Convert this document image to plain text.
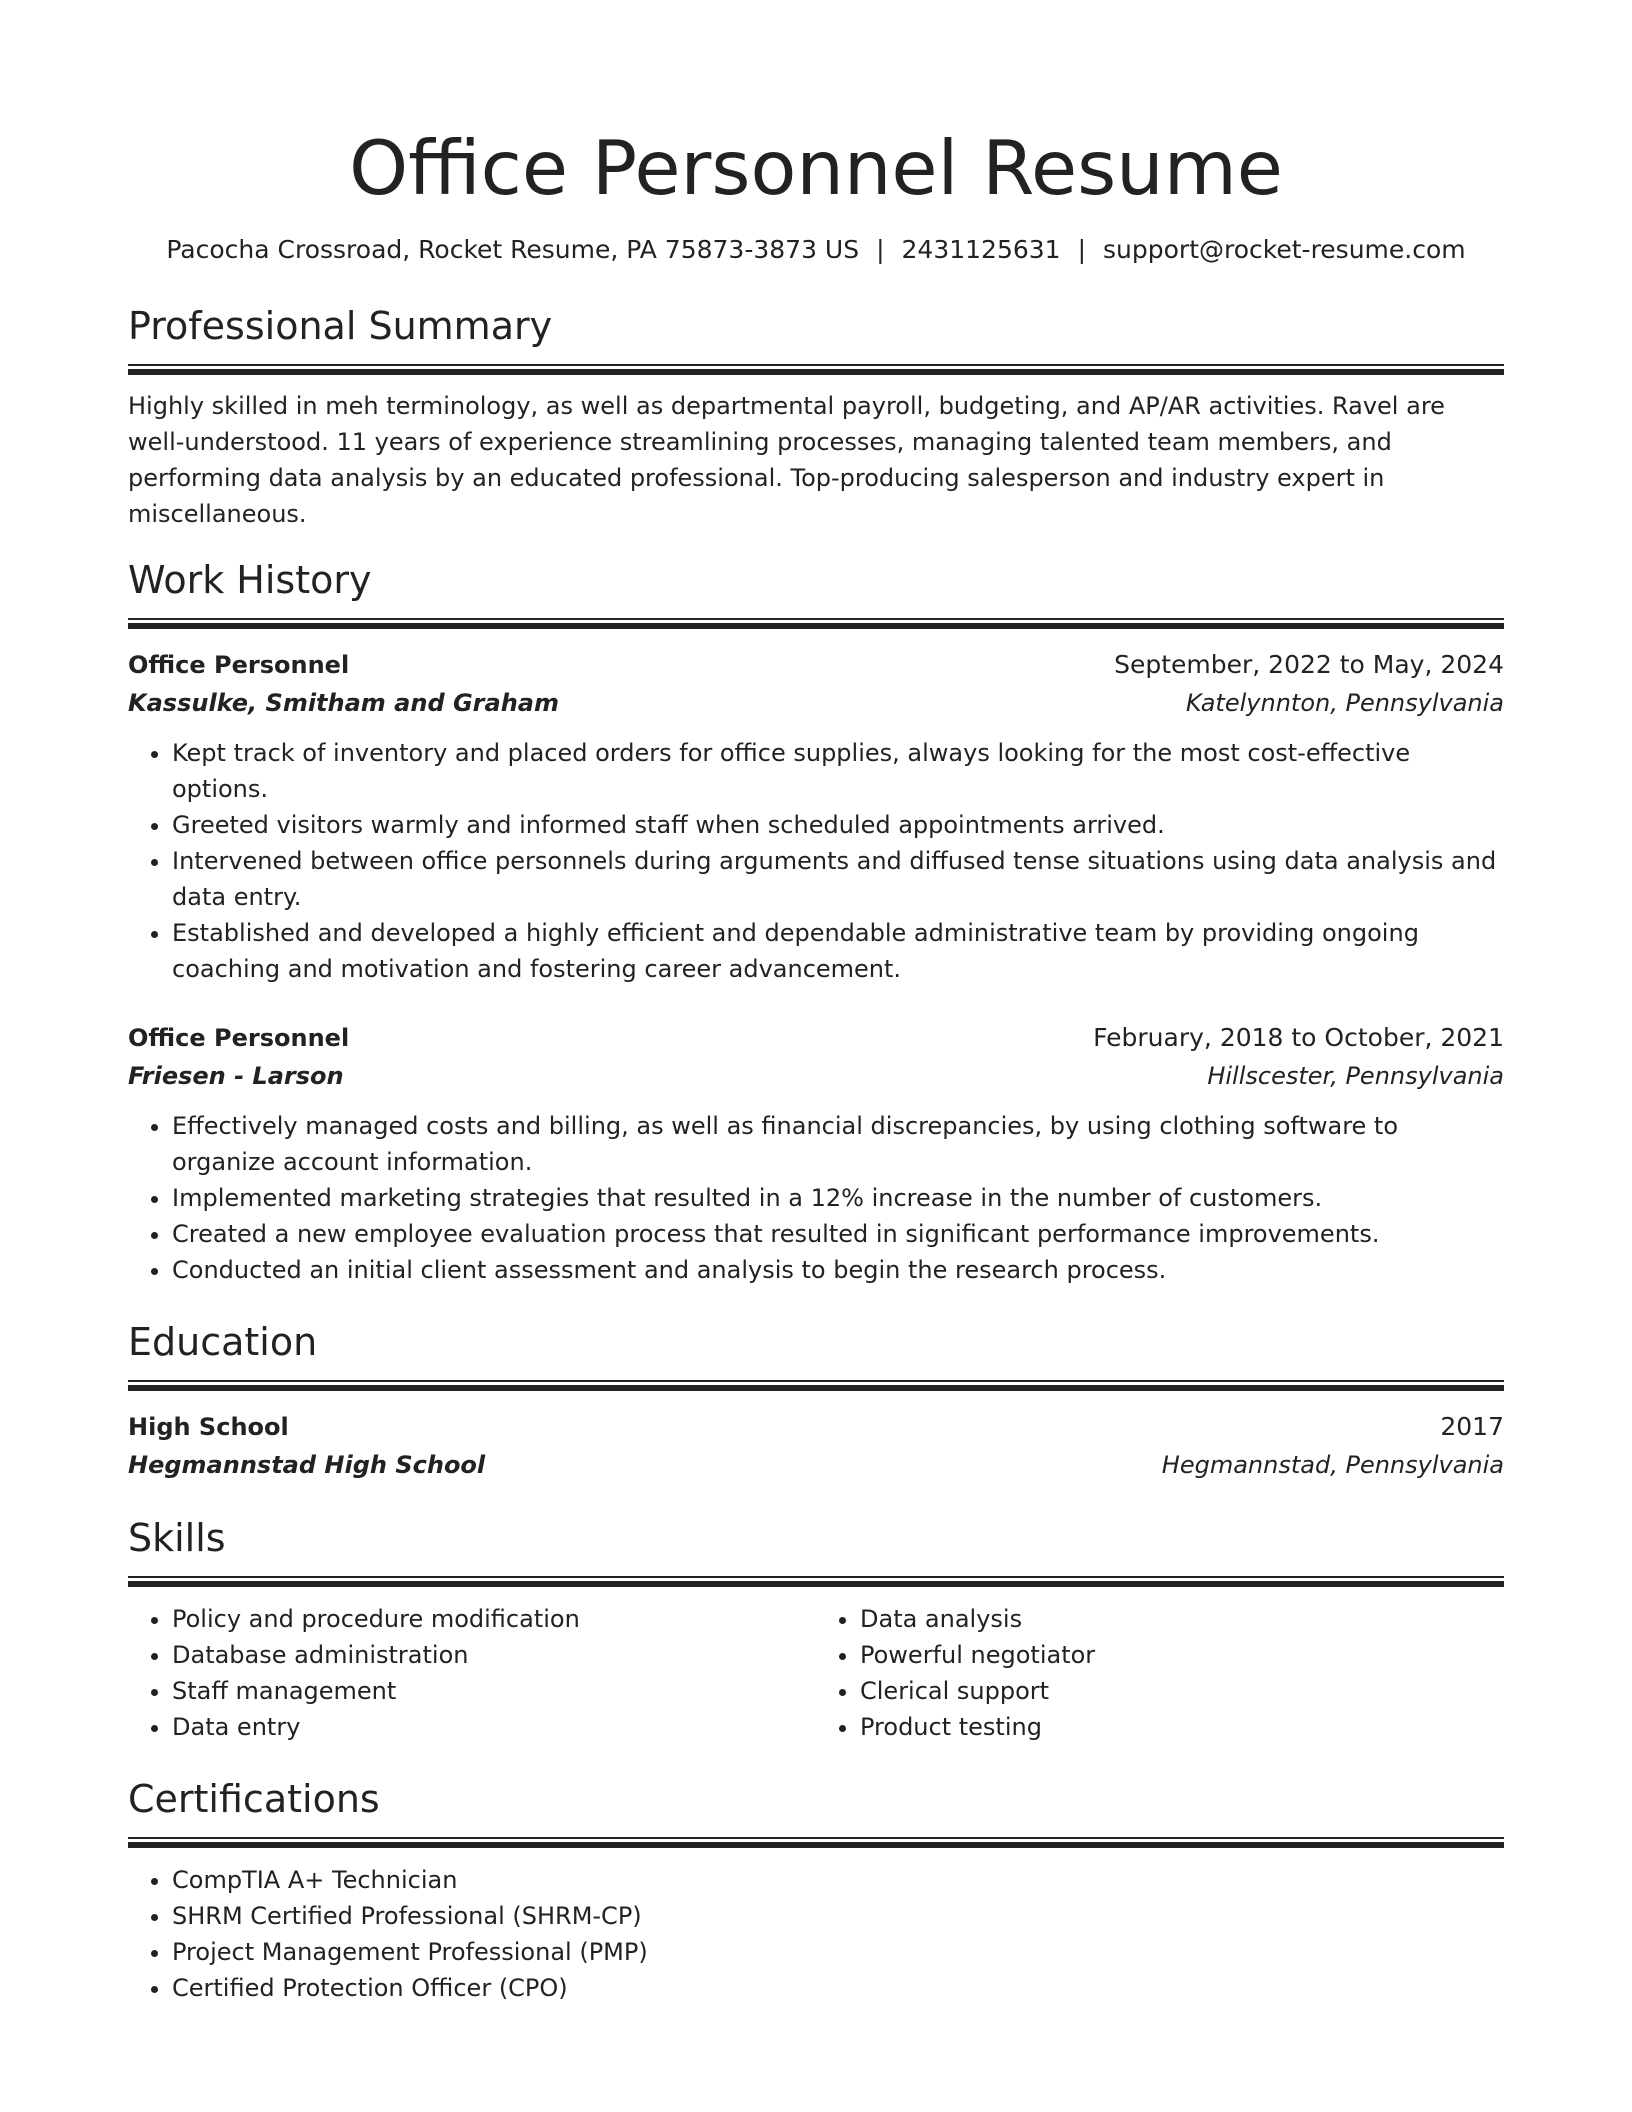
Office Personnel Resume
Pacocha Crossroad, Rocket Resume, PA 75873-3873 US | 2431125631 | support@rocket-resume.com
Professional Summary
Highly skilled in meh terminology, as well as departmental payroll, budgeting, and AP/AR activities. Ravel are well-understood. 11 years of experience streamlining processes, managing talented team members, and performing data analysis by an educated professional. Top-producing salesperson and industry expert in miscellaneous.
Work History
Office Personnel	September, 2022 to May, 2024
Kassulke, Smitham and Graham	Katelynnton, Pennsylvania
• Kept track of inventory and placed orders for office supplies, always looking for the most cost-effective options.
• Greeted visitors warmly and informed staff when scheduled appointments arrived.
• Intervened between office personnels during arguments and diffused tense situations using data analysis and data entry.
• Established and developed a highly efficient and dependable administrative team by providing ongoing coaching and motivation and fostering career advancement.
Office Personnel	February, 2018 to October, 2021
Friesen - Larson	Hillscester, Pennsylvania
• Effectively managed costs and billing, as well as financial discrepancies, by using clothing software to organize account information.
• Implemented marketing strategies that resulted in a 12% increase in the number of customers.
• Created a new employee evaluation process that resulted in significant performance improvements.
• Conducted an initial client assessment and analysis to begin the research process.
Education
High School	2017
Hegmannstad High School	Hegmannstad, Pennsylvania
Skills
• Policy and procedure modification
• Database administration
• Staff management
• Data entry
• Data analysis
• Powerful negotiator
• Clerical support
• Product testing
Certifications
• CompTIA A+ Technician
• SHRM Certified Professional (SHRM-CP)
• Project Management Professional (PMP)
• Certified Protection Officer (CPO)
